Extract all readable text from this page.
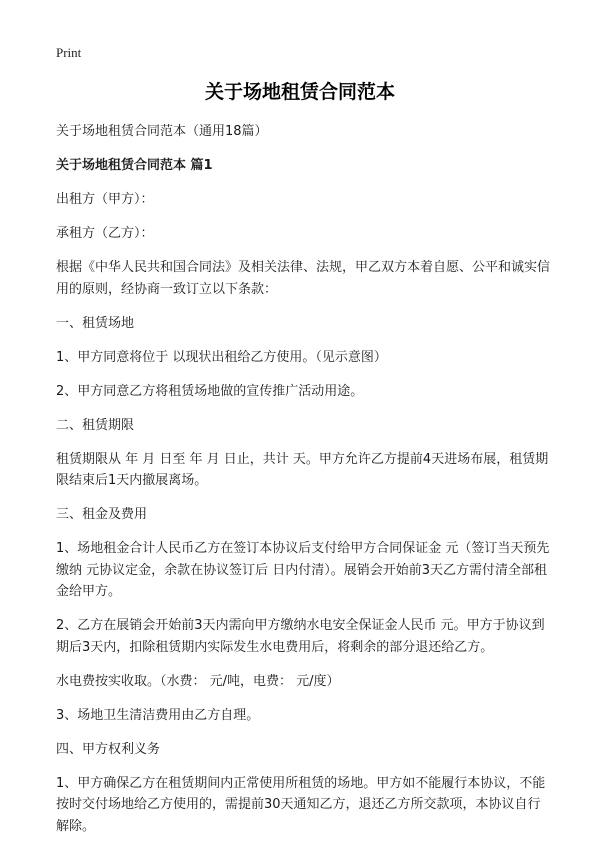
Print
关于场地租赁合同范本

关于场地租赁合同范本（通用18篇）

关于场地租赁合同范本 篇1

出租方（甲方）：

承租方（乙方）：

根据《中华人民共和国合同法》及相关法律、法规，甲乙双方本着自愿、公平和诚实信用的原则，经协商一致订立以下条款：

一、租赁场地

1、甲方同意将位于 以现状出租给乙方使用。（见示意图）

2、甲方同意乙方将租赁场地做的宣传推广活动用途。

二、租赁期限

租赁期限从 年 月 日至 年 月 日止，共计 天。甲方允许乙方提前4天进场布展，租赁期限结束后1天内撤展离场。

三、租金及费用

1、场地租金合计人民币乙方在签订本协议后支付给甲方合同保证金 元（签订当天预先缴纳 元协议定金，余款在协议签订后 日内付清）。展销会开始前3天乙方需付清全部租金给甲方。

2、乙方在展销会开始前3天内需向甲方缴纳水电安全保证金人民币 元。甲方于协议到期后3天内，扣除租赁期内实际发生水电费用后，将剩余的部分退还给乙方。

水电费按实收取。（水费： 元/吨，电费： 元/度）

3、场地卫生清洁费用由乙方自理。

四、甲方权利义务

1、甲方确保乙方在租赁期间内正常使用所租赁的场地。甲方如不能履行本协议，不能按时交付场地给乙方使用的，需提前30天通知乙方，退还乙方所交款项，本协议自行解除。
